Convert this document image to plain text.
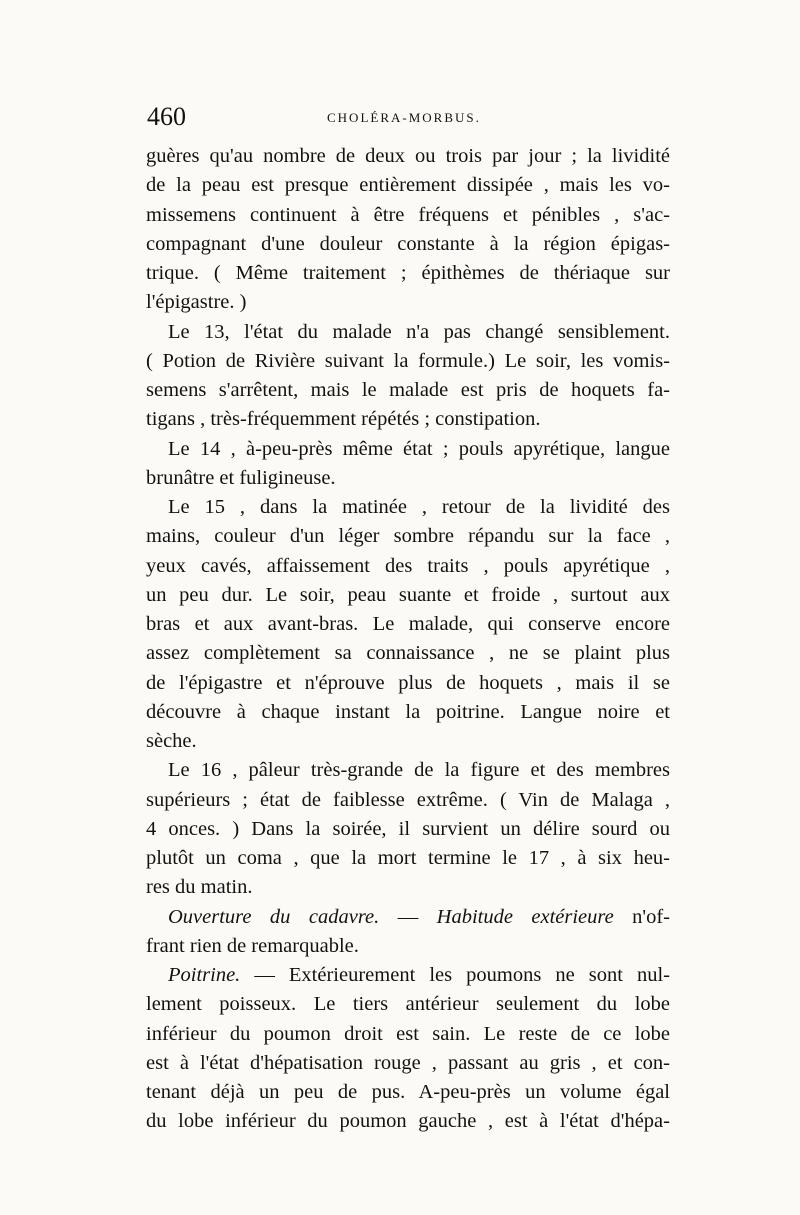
460	CHOLÉRA-MORBUS.
guères qu'au nombre de deux ou trois par jour ; la lividité
de la peau est presque entièrement dissipée , mais les vo-
missemens continuent à être fréquens et pénibles , s'ac-
compagnant d'une douleur constante à la région épigas-
trique. ( Même traitement ; épithèmes de thériaque sur
l'épigastre. )
Le 13, l'état du malade n'a pas changé sensiblement.
( Potion de Rivière suivant la formule.) Le soir, les vomis-
semens s'arrêtent, mais le malade est pris de hoquets fa-
tigans , très-fréquemment répétés ; constipation.
Le 14 , à-peu-près même état ; pouls apyrétique, langue
brunâtre et fuligineuse.
Le 15 , dans la matinée , retour de la lividité des
mains, couleur d'un léger sombre répandu sur la face ,
yeux cavés, affaissement des traits , pouls apyrétique ,
un peu dur. Le soir, peau suante et froide , surtout aux
bras et aux avant-bras. Le malade, qui conserve encore
assez complètement sa connaissance , ne se plaint plus
de l'épigastre et n'éprouve plus de hoquets , mais il se
découvre à chaque instant la poitrine. Langue noire et
sèche.
Le 16 , pâleur très-grande de la figure et des membres
supérieurs ; état de faiblesse extrême. ( Vin de Malaga ,
4 onces. ) Dans la soirée, il survient un délire sourd ou
plutôt un coma , que la mort termine le 17 , à six heu-
res du matin.
Ouverture du cadavre. — Habitude extérieure n'of-
frant rien de remarquable.
Poitrine. — Extérieurement les poumons ne sont nul-
lement poisseux. Le tiers antérieur seulement du lobe
inférieur du poumon droit est sain. Le reste de ce lobe
est à l'état d'hépatisation rouge , passant au gris , et con-
tenant déjà un peu de pus. A-peu-près un volume égal
du lobe inférieur du poumon gauche , est à l'état d'hépa-
